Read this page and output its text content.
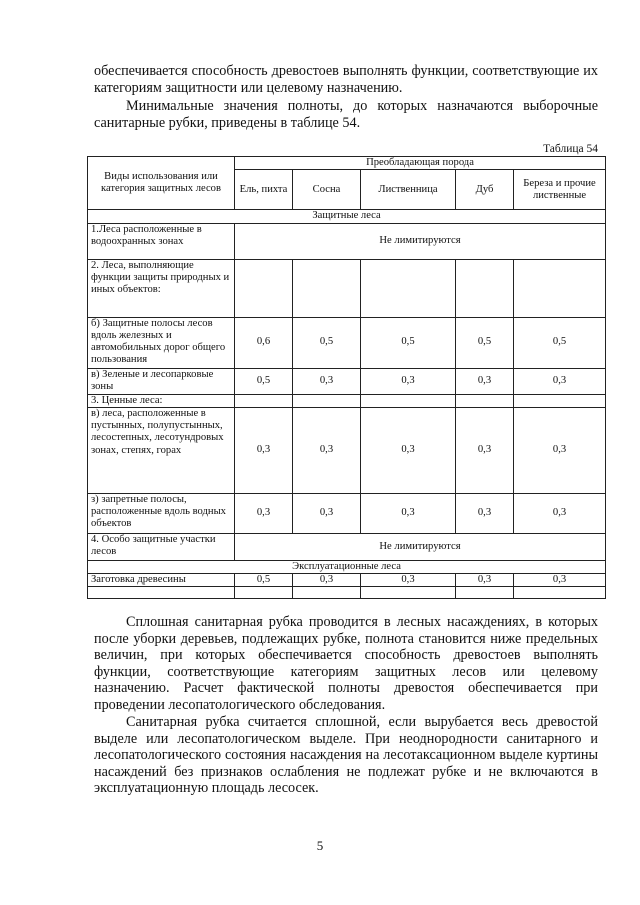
обеспечивается способность древостоев выполнять функции, соответствующие их категориям защитности или целевому назначению.

Минимальные значения полноты, до которых назначаются выборочные санитарные рубки, приведены в таблице 54.

Таблица 54
Виды использования или категория защитных лесов	Преобладающая порода				
	Ель, пихта	Сосна	Лиственница	Дуб	Береза и прочие лиственные
Защитные леса					
1.Леса расположенные в водоохранных зонах	Не лимитируются				
2. Леса, выполняющие функции защиты природных и иных объектов:					
б) Защитные полосы лесов вдоль железных и автомобильных дорог общего пользования	0,6	0,5	0,5	0,5	0,5
в) Зеленые и лесопарковые зоны	0,5	0,3	0,3	0,3	0,3
3. Ценные леса:					
в) леса, расположенные в пустынных, полупустынных, лесостепных, лесотундровых зонах, степях, горах	0,3	0,3	0,3	0,3	0,3
з) запретные полосы, расположенные вдоль водных объектов	0,3	0,3	0,3	0,3	0,3
4. Особо защитные участки лесов	Не лимитируются				
Эксплуатационные леса					
Заготовка древесины	0,5	0,3	0,3	0,3	0,3

Сплошная санитарная рубка проводится в лесных насаждениях, в которых после уборки деревьев, подлежащих рубке, полнота становится ниже предельных величин, при которых обеспечивается способность древостоев выполнять функции, соответствующие категориям защитных лесов или целевому назначению. Расчет фактической полноты древостоя обеспечивается при проведении лесопатологического обследования.

Санитарная рубка считается сплошной, если вырубается весь древостой выделе или лесопатологическом выделе. При неоднородности санитарного и лесопатологического состояния насаждения на лесотаксационном выделе куртины насаждений без признаков ослабления не подлежат рубке и не включаются в эксплуатационную площадь лесосек.

5
